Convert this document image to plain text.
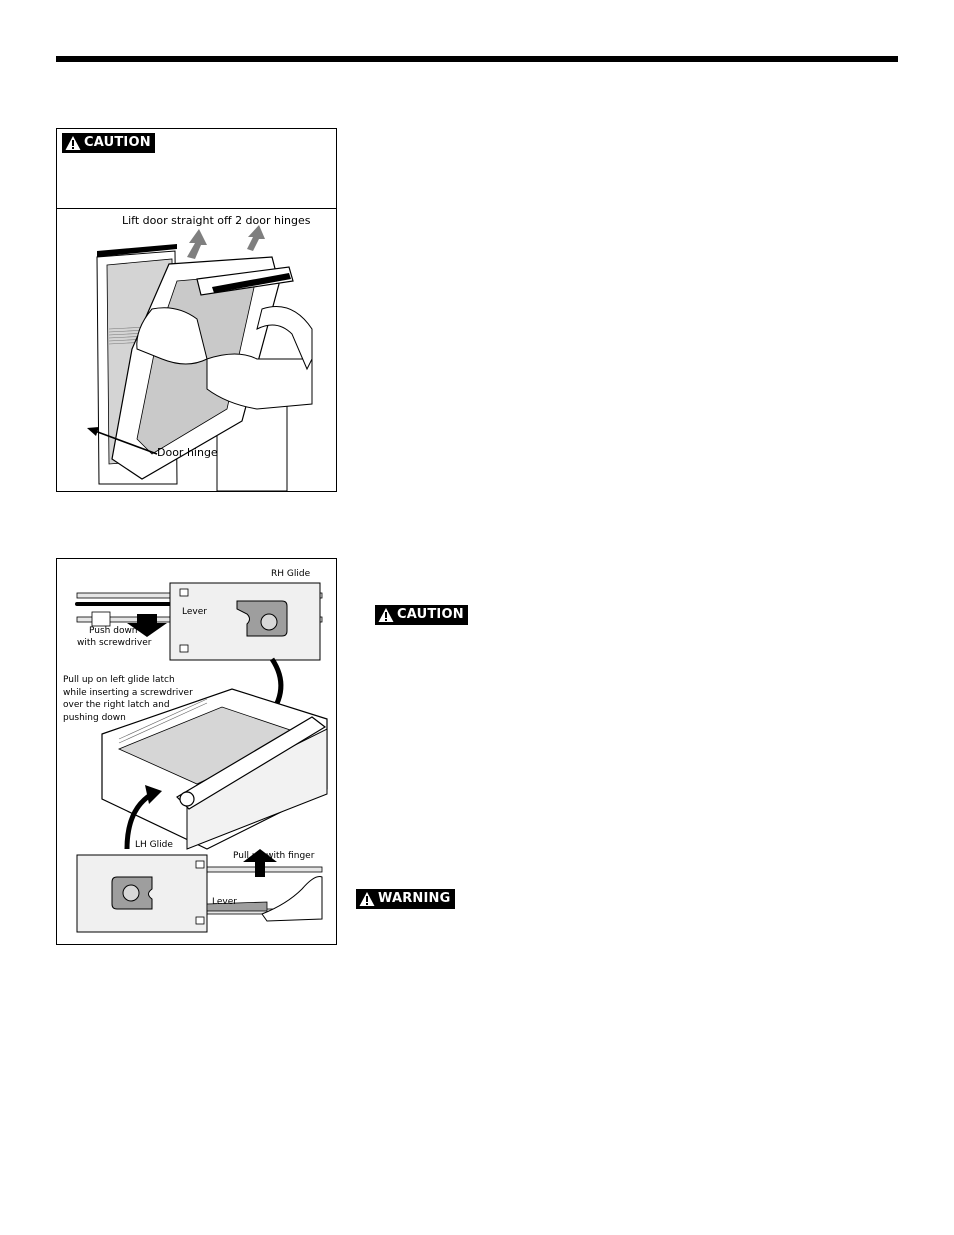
CAUTION
Lift door straight off 2 door hinges
Door hinge
RH Glide
Lever
Push down
with screwdriver
Pull up on left glide latch
while inserting a screwdriver
over the right latch and
pushing down
LH Glide
Pull up with finger
Lever
CAUTION
WARNING
